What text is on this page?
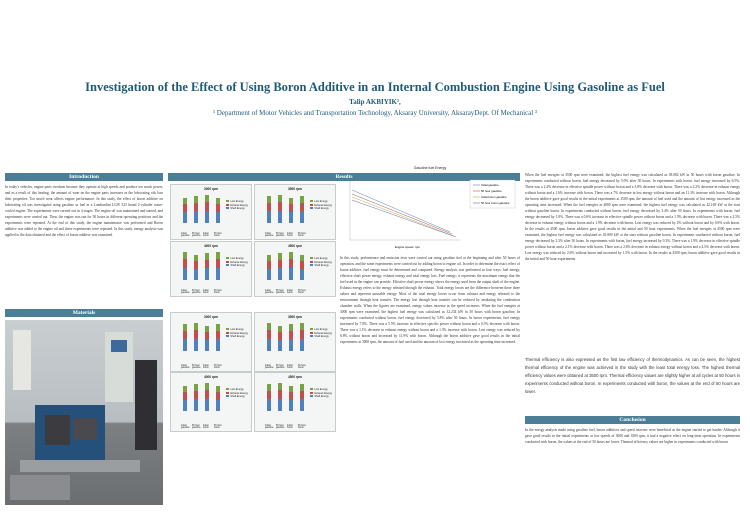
Investigation of the Effect of Using Boron Additive in an Internal Combustion Engine Using Gasoline as Fuel
Talip AKBIYIK¹,
¹ Department of Motor Vehicles and Transportation Technology, Aksaray University, AksarayDept. Of Mechanical ³
Introduction
In today's vehicles, engine parts overheat because they operate at high speeds and produce too much power, and as a result of this heating, the amount of wear on the engine parts increases as the lubricating oils lose their properties. Too much wear affects engine performance. In this study, the effect of boron additive on lubricating oil was investigated using gasoline as fuel in a Lombardini LGW 523 brand 2-cylinder water-cooled engine. The experiments were carried out in 4 stages. The engine oil was maintained and started, and experiments were carried out. Then, the engine was run for 50 hours in different operating positions and the experiments were repeated. At the end of this study, the engine maintenance was performed and Boron additive was added to the engine oil and these experiments were repeated. In this study, energy analysis was applied to the data obtained and the effect of boron additive was examined.
Materials
Results
3000 rpm
Lost Energy
Exhaust Energy
Shaft Energy
Initial gasoline
50 hour gasoline
Initial boron
50 hour boron
3500 rpm
Lost Energy
Exhaust Energy
Shaft Energy
Initial gasoline
50 hour gasoline
Initial boron
50 hour boron
4000 rpm
Lost Energy
Exhaust Energy
Shaft Energy
Initial gasoline
50 hour gasoline
Initial boron
50 hour boron
4500 rpm
Lost Energy
Exhaust Energy
Shaft Energy
Initial gasoline
50 hour gasoline
Initial boron
50 hour boron
3000 rpm
Lost Energy
Exhaust Energy
Shaft Energy
Initial gasoline
50 hour gasoline
Initial boron
50 hour boron
3500 rpm
Lost Energy
Exhaust Energy
Shaft Energy
Initial gasoline
50 hour gasoline
Initial boron
50 hour boron
4000 rpm
Lost Energy
Exhaust Energy
Shaft Energy
Initial gasoline
50 hour gasoline
Initial boron
50 hour boron
4500 rpm
Lost Energy
Exhaust Energy
Shaft Energy
Initial gasoline
50 hour gasoline
Initial boron
50 hour boron
Gasoline fuel Energy
Initial gasoline
50 hour gasoline
Initial boron gasoline
50 hour boron gasoline
Engine speed, rpm
In this study, performance and emission tests were carried out using gasoline fuel at the beginning and after 50 hours of operation, and the same experiments were carried out by adding boron to engine oil. In order to determine the exact effect of boron additive, fuel energy must be determined and compared. Energy analysis was performed in four ways: fuel energy, effective shaft power energy, exhaust energy and total energy loss. Fuel energy; it represents the maximum energy that the fuel used in the engine can provide. Effective shaft power energy shows the energy used from the output shaft of the engine. Exhaust energy refers to the energy released through the exhaust. Total energy losses are the difference between these three values and represent unusable energy. Most of the total energy losses occur from exhaust and energy released to the environment through heat transfer. The energy lost through heat transfer can be reduced by insulating the combustion chamber walls. When the figures are examined, energy values increase as the speed increases. When the fuel energies at 3000 rpm were examined, the highest fuel energy was calculated as 32.234 kW in 50 hours with boron gasoline. In experiments conducted without boron, fuel energy decreased by 5.8% after 50 hours. In boron experiments, fuel energy increased by 7.8%. There was a 5.5% increase in effective specific power without boron and a 0.5% decrease with boron. There was a 1.1% decrease in exhaust energy without boron and a 1.3% increase with boron. Lost energy was reduced by 6.8% without boron and increased by 11.9% with boron. Although the boron additive gave good results in the initial experiments at 3000 rpm, the amount of fuel used and the amount of lost energy increased as the operating time increased.
When the fuel energies at 3500 rpm were examined, the highest fuel energy was calculated as 38.082 kW in 50 hours with boron gasoline. In experiments conducted without boron, fuel energy decreased by 5.0% after 50 hours. In experiments with boron, fuel energy increased by 6.5%. There was a 2.4% decrease in effective spindle power without boron and a 3.8% decrease with boron. There was a 2.2% decrease in exhaust energy without boron and a 1.6% increase with boron. There was a 7% decrease in lost energy without boron and an 11.3% increase with boron. Although the boron additive gave good results in the initial experiments at 3500 rpm, the amount of fuel used and the amount of lost energy increased as the operating time increased. When the fuel energies at 4000 rpm were examined, the highest fuel energy was calculated as 42.169 kW at the start without gasoline boron. In experiments conducted without boron, fuel energy decreased by 3.4% after 50 hours. In experiments with boron, fuel energy decreased by 1.8%. There was a 0.6% increase in effective spindle power without boron and a 1.5% decrease with boron. There was a 2.5% decrease in exhaust energy without boron and a 1.9% decrease with boron. Lost energy was reduced by 2% without boron and by 0.6% with boron. In the results at 4500 rpm, boron additive gave good results in the initial and 50 hour experiments. When the fuel energies at 4500 rpm were examined, the highest fuel energy was calculated as 45.800 kW at the start without gasoline boron. In experiments conducted without boron, fuel energy decreased by 2.3% after 50 hours. In experiments with boron, fuel energy increased by 0.3%. There was a 1.9% decrease in effective spindle power without boron and a 2.1% decrease with boron. There was a 2.6% decrease in exhaust energy without boron and a 4.5% decrease with boron. Lost energy was reduced by 2.6% without boron and increased by 1.5% with boron. In the results at 4500 rpm, boron additive gave good results in the initial and 50 hour experiments.
Thermal efficiency is also expressed as the first law efficiency of thermodynamics. As can be seen, the highest thermal efficiency of the engine was achieved in the study with the least total energy loss. The highest thermal efficiency values were obtained at 3500 rpm. Thermal efficiency values are slightly higher at all cycles at 50 hours in experiments conducted without boron. In experiments conducted with boron, the values at the end of 50 hours are lower.
Conclusion
In the energy analysis made using gasoline fuel, boron additives and speed increase were beneficial as the engine started to get harder. Although it gave good results in the initial experiments at low speeds of 3000 and 3500 rpm, it had a negative effect on long-term operation. In experiments conducted with boron, the values at the end of 50 hours are lower. Thermal efficiency values are higher in experiments conducted with boron
